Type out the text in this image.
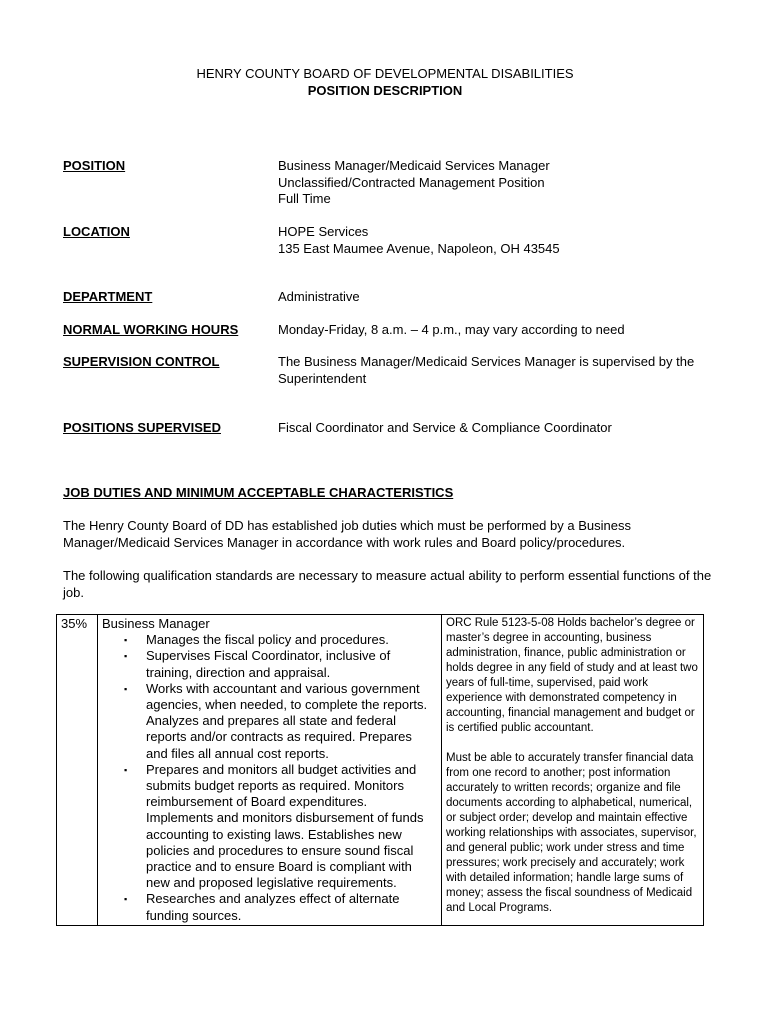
HENRY COUNTY BOARD OF DEVELOPMENTAL DISABILITIES
POSITION DESCRIPTION
POSITION	Business Manager/Medicaid Services Manager
Unclassified/Contracted Management Position
Full Time
LOCATION	HOPE Services
135 East Maumee Avenue, Napoleon, OH 43545
DEPARTMENT	Administrative
NORMAL WORKING HOURS	Monday-Friday, 8 a.m. – 4 p.m., may vary according to need
SUPERVISION CONTROL	The Business Manager/Medicaid Services Manager is supervised by the Superintendent
POSITIONS SUPERVISED	Fiscal Coordinator and Service & Compliance Coordinator
JOB DUTIES AND MINIMUM ACCEPTABLE CHARACTERISTICS
The Henry County Board of DD has established job duties which must be performed by a Business Manager/Medicaid Services Manager in accordance with work rules and Board policy/procedures.
The following qualification standards are necessary to measure actual ability to perform essential functions of the job.
35%	Business Manager
▪ Manages the fiscal policy and procedures.
▪ Supervises Fiscal Coordinator, inclusive of training, direction and appraisal.
▪ Works with accountant and various government agencies, when needed, to complete the reports. Analyzes and prepares all state and federal reports and/or contracts as required. Prepares and files all annual cost reports.
▪ Prepares and monitors all budget activities and submits budget reports as required. Monitors reimbursement of Board expenditures. Implements and monitors disbursement of funds accounting to existing laws. Establishes new policies and procedures to ensure sound fiscal practice and to ensure Board is compliant with new and proposed legislative requirements.
▪ Researches and analyzes effect of alternate funding sources.

ORC Rule 5123-5-08 Holds bachelor’s degree or master’s degree in accounting, business administration, finance, public administration or holds degree in any field of study and at least two years of full-time, supervised, paid work experience with demonstrated competency in accounting, financial management and budget or is certified public accountant.
Must be able to accurately transfer financial data from one record to another; post information accurately to written records; organize and file documents according to alphabetical, numerical, or subject order; develop and maintain effective working relationships with associates, supervisor, and general public; work under stress and time pressures; work precisely and accurately; work with detailed information; handle large sums of money; assess the fiscal soundness of Medicaid and Local Programs.
